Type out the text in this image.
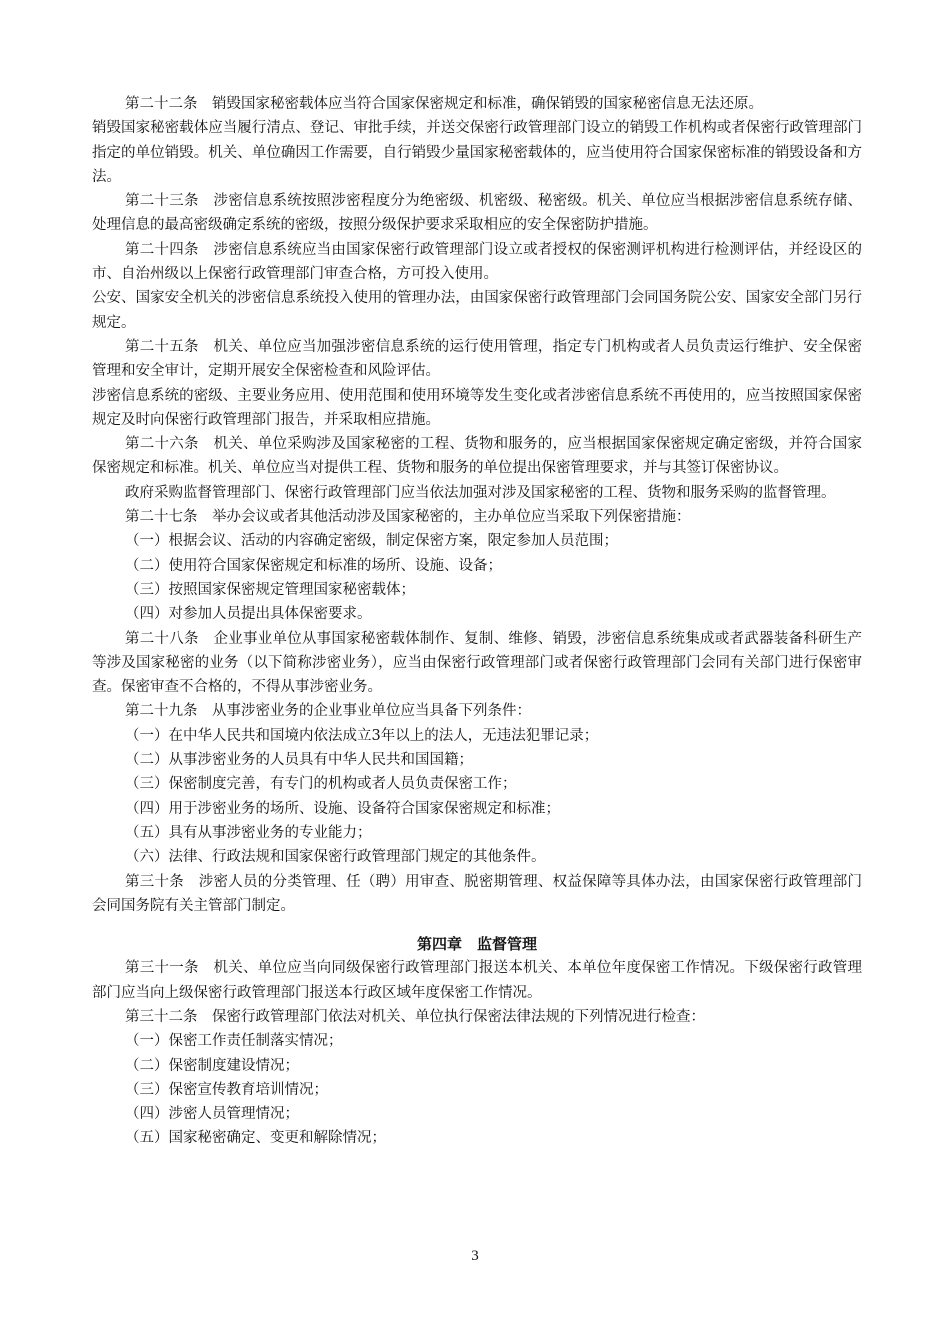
第二十二条　销毁国家秘密载体应当符合国家保密规定和标准，确保销毁的国家秘密信息无法还原。

销毁国家秘密载体应当履行清点、登记、审批手续，并送交保密行政管理部门设立的销毁工作机构或者保密行政管理部门指定的单位销毁。机关、单位确因工作需要，自行销毁少量国家秘密载体的，应当使用符合国家保密标准的销毁设备和方法。

第二十三条　涉密信息系统按照涉密程度分为绝密级、机密级、秘密级。机关、单位应当根据涉密信息系统存储、处理信息的最高密级确定系统的密级，按照分级保护要求采取相应的安全保密防护措施。

第二十四条　涉密信息系统应当由国家保密行政管理部门设立或者授权的保密测评机构进行检测评估，并经设区的市、自治州级以上保密行政管理部门审查合格，方可投入使用。

公安、国家安全机关的涉密信息系统投入使用的管理办法，由国家保密行政管理部门会同国务院公安、国家安全部门另行规定。

第二十五条　机关、单位应当加强涉密信息系统的运行使用管理，指定专门机构或者人员负责运行维护、安全保密管理和安全审计，定期开展安全保密检查和风险评估。

涉密信息系统的密级、主要业务应用、使用范围和使用环境等发生变化或者涉密信息系统不再使用的，应当按照国家保密规定及时向保密行政管理部门报告，并采取相应措施。

第二十六条　机关、单位采购涉及国家秘密的工程、货物和服务的，应当根据国家保密规定确定密级，并符合国家保密规定和标准。机关、单位应当对提供工程、货物和服务的单位提出保密管理要求，并与其签订保密协议。

政府采购监督管理部门、保密行政管理部门应当依法加强对涉及国家秘密的工程、货物和服务采购的监督管理。

第二十七条　举办会议或者其他活动涉及国家秘密的，主办单位应当采取下列保密措施：

（一）根据会议、活动的内容确定密级，制定保密方案，限定参加人员范围；

（二）使用符合国家保密规定和标准的场所、设施、设备；

（三）按照国家保密规定管理国家秘密载体；

（四）对参加人员提出具体保密要求。

第二十八条　企业事业单位从事国家秘密载体制作、复制、维修、销毁，涉密信息系统集成或者武器装备科研生产等涉及国家秘密的业务（以下简称涉密业务），应当由保密行政管理部门或者保密行政管理部门会同有关部门进行保密审查。保密审查不合格的，不得从事涉密业务。

第二十九条　从事涉密业务的企业事业单位应当具备下列条件：

（一）在中华人民共和国境内依法成立3年以上的法人，无违法犯罪记录；

（二）从事涉密业务的人员具有中华人民共和国国籍；

（三）保密制度完善，有专门的机构或者人员负责保密工作；

（四）用于涉密业务的场所、设施、设备符合国家保密规定和标准；

（五）具有从事涉密业务的专业能力；

（六）法律、行政法规和国家保密行政管理部门规定的其他条件。

第三十条　涉密人员的分类管理、任（聘）用审查、脱密期管理、权益保障等具体办法，由国家保密行政管理部门会同国务院有关主管部门制定。

第四章　监督管理

第三十一条　机关、单位应当向同级保密行政管理部门报送本机关、本单位年度保密工作情况。下级保密行政管理部门应当向上级保密行政管理部门报送本行政区域年度保密工作情况。

第三十二条　保密行政管理部门依法对机关、单位执行保密法律法规的下列情况进行检查：

（一）保密工作责任制落实情况；

（二）保密制度建设情况；

（三）保密宣传教育培训情况；

（四）涉密人员管理情况；

（五）国家秘密确定、变更和解除情况；

3
